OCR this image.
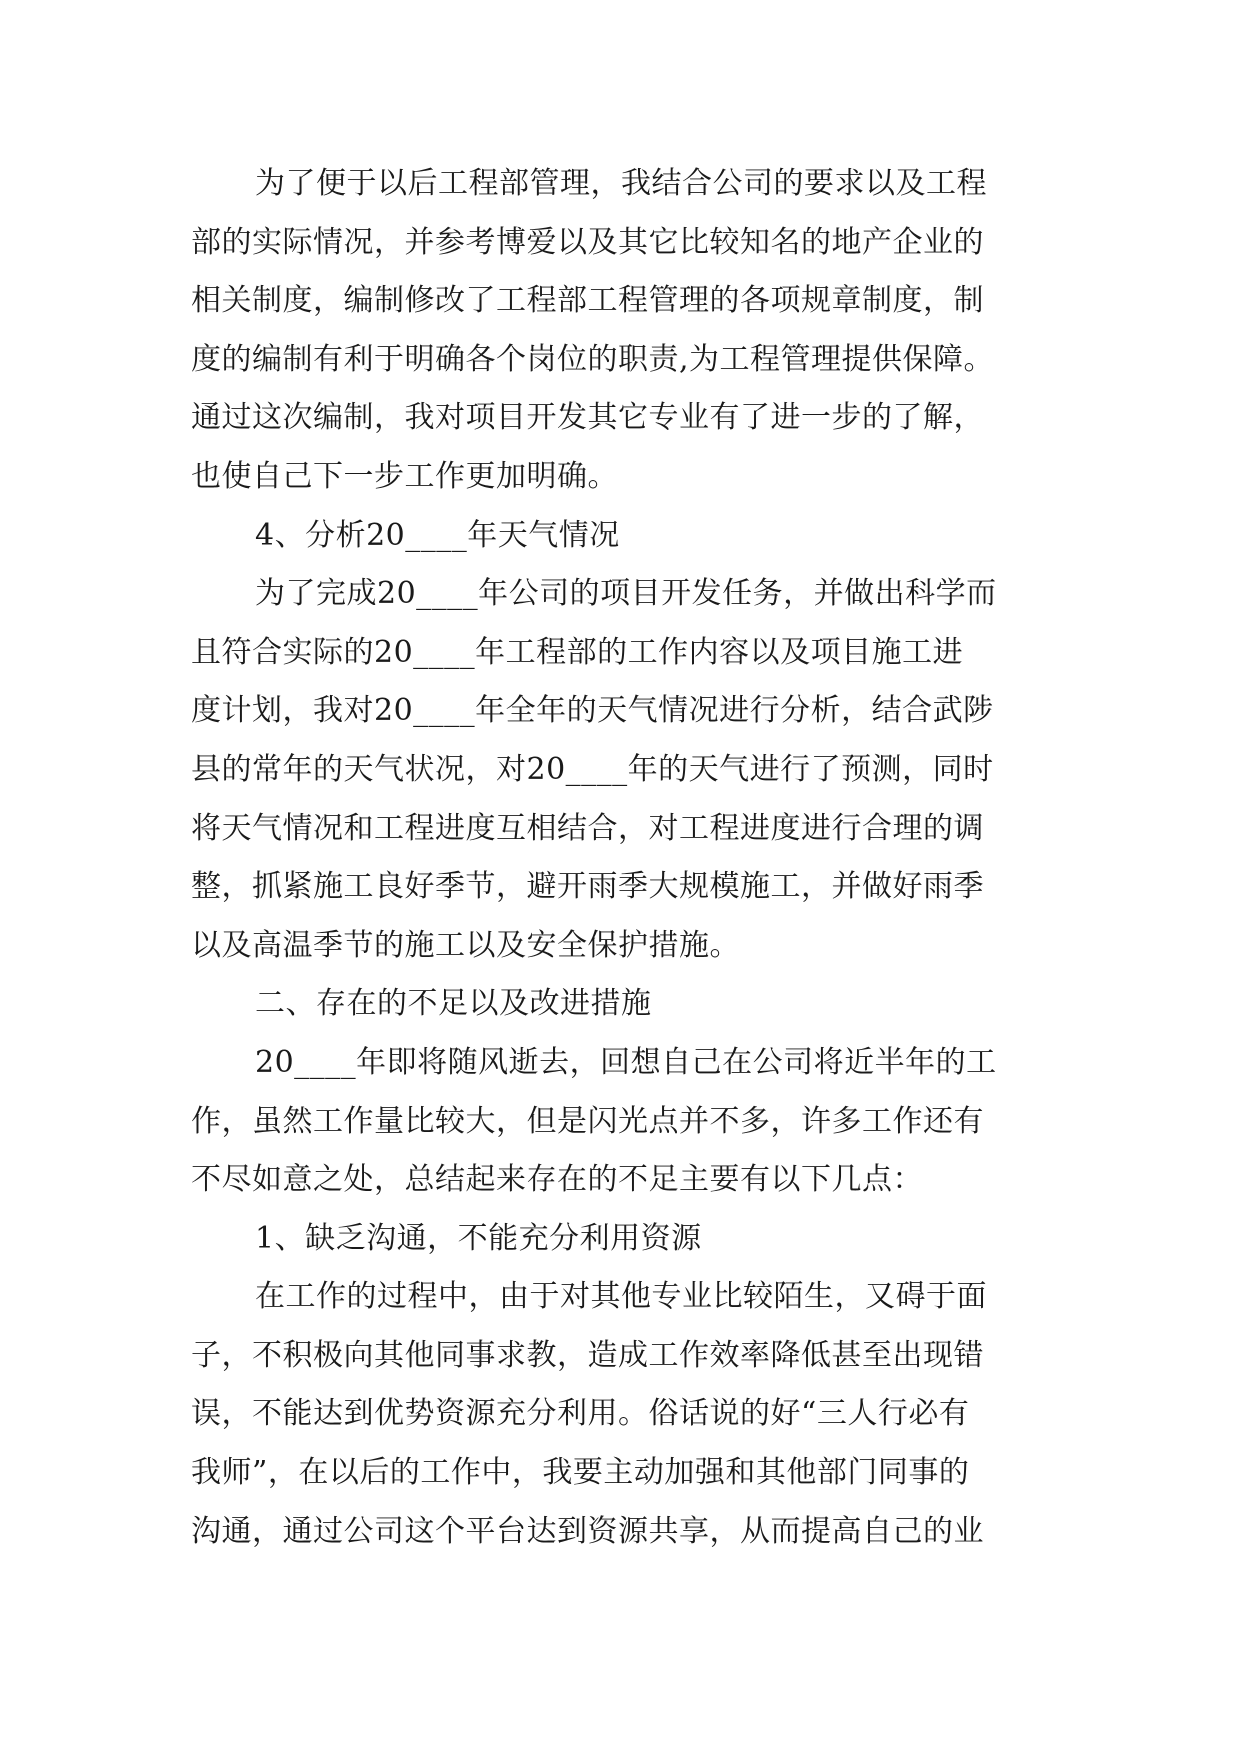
为了便于以后工程部管理，我结合公司的要求以及工程
部的实际情况，并参考博爱以及其它比较知名的地产企业的
相关制度，编制修改了工程部工程管理的各项规章制度，制
度的编制有利于明确各个岗位的职责,为工程管理提供保障。
通过这次编制，我对项目开发其它专业有了进一步的了解，
也使自己下一步工作更加明确。
4、分析20____年天气情况
为了完成20____年公司的项目开发任务，并做出科学而
且符合实际的20____年工程部的工作内容以及项目施工进
度计划，我对20____年全年的天气情况进行分析，结合武陟
县的常年的天气状况，对20____年的天气进行了预测，同时
将天气情况和工程进度互相结合，对工程进度进行合理的调
整，抓紧施工良好季节，避开雨季大规模施工，并做好雨季
以及高温季节的施工以及安全保护措施。
二、存在的不足以及改进措施
20____年即将随风逝去，回想自己在公司将近半年的工
作，虽然工作量比较大，但是闪光点并不多，许多工作还有
不尽如意之处，总结起来存在的不足主要有以下几点：
1、缺乏沟通，不能充分利用资源
在工作的过程中，由于对其他专业比较陌生，又碍于面
子，不积极向其他同事求教，造成工作效率降低甚至出现错
误，不能达到优势资源充分利用。俗话说的好“三人行必有
我师”，在以后的工作中，我要主动加强和其他部门同事的
沟通，通过公司这个平台达到资源共享，从而提高自己的业
